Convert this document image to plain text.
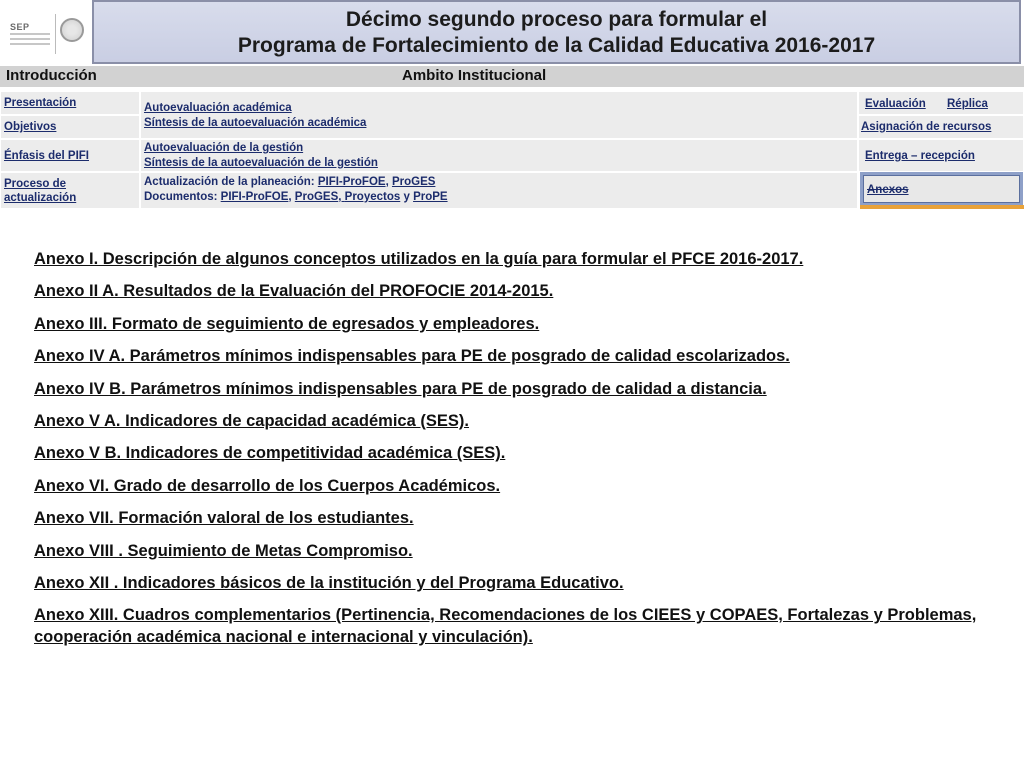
SEP	Décimo segundo proceso para formular el
Programa de Fortalecimiento de la Calidad Educativa 2016-2017
Introducción	Ambito Institucional
Presentación
Objetivos
Énfasis del PIFI
Proceso de actualización
Autoevaluación académica
Síntesis de la autoevaluación académica
Autoevaluación de la gestión
Síntesis de la autoevaluación de la gestión
Actualización de la planeación: PIFI-ProFOE, ProGES
Documentos: PIFI-ProFOE, ProGES, Proyectos y ProPE
Evaluación Réplica
Asignación de recursos
Entrega – recepción
Anexos
Anexo I. Descripción de algunos conceptos utilizados en la guía para formular el PFCE 2016-2017.
Anexo II A. Resultados de la Evaluación del PROFOCIE 2014-2015.
Anexo III. Formato de seguimiento de egresados y empleadores.
Anexo IV A. Parámetros mínimos indispensables para PE de posgrado de calidad escolarizados.
Anexo IV B. Parámetros mínimos indispensables para PE de posgrado de calidad a distancia.
Anexo V A. Indicadores de capacidad académica (SES).
Anexo V B. Indicadores de competitividad académica (SES).
Anexo VI. Grado de desarrollo de los Cuerpos Académicos.
Anexo VII. Formación valoral de los estudiantes.
Anexo VIII . Seguimiento de Metas Compromiso.
Anexo XII . Indicadores básicos de la institución y del Programa Educativo.
Anexo XIII. Cuadros complementarios (Pertinencia, Recomendaciones de los CIEES y COPAES, Fortalezas y Problemas, cooperación académica nacional e internacional y vinculación).
